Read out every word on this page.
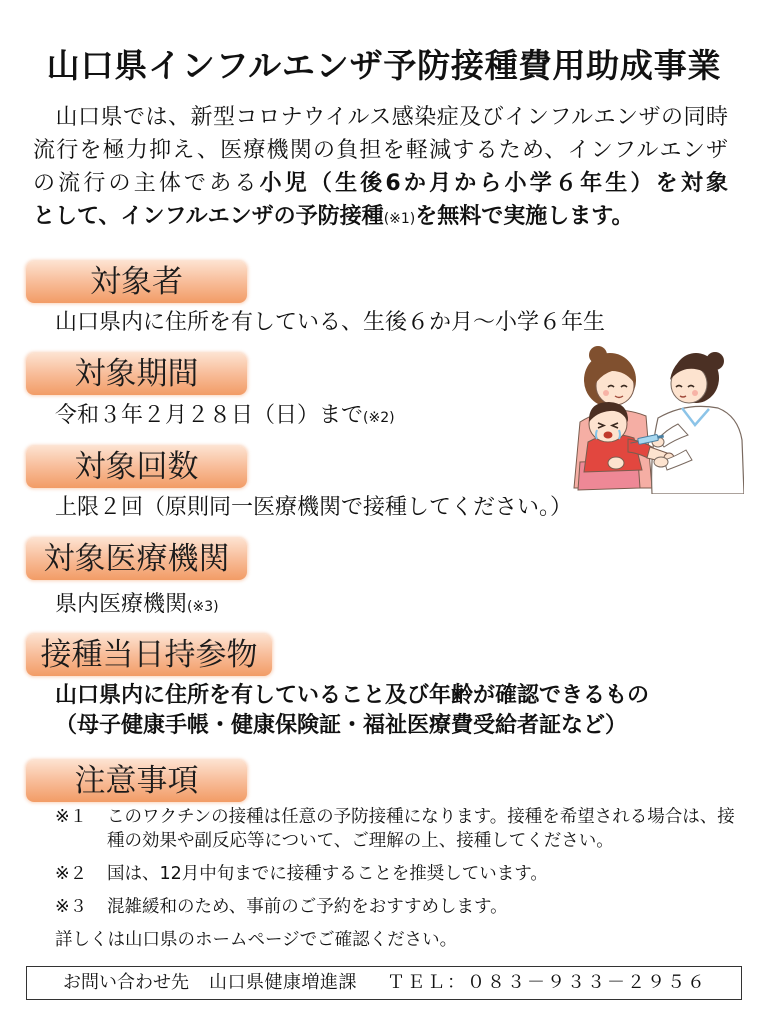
山口県インフルエンザ予防接種費用助成事業
　山口県では、新型コロナウイルス感染症及びインフルエンザの同時
流行を極力抑え、医療機関の負担を軽減するため、インフルエンザ
の流行の主体である小児（生後6か月から小学６年生）を対象
として、インフルエンザの予防接種(※1)を無料で実施します。
対象者
山口県内に住所を有している、生後６か月～小学６年生
対象期間
令和３年２月２８日（日）まで(※2)
対象回数
上限２回（原則同一医療機関で接種してください。）
対象医療機関
県内医療機関(※3)
接種当日持参物
山口県内に住所を有していること及び年齢が確認できるもの
（母子健康手帳・健康保険証・福祉医療費受給者証など）
注意事項
※１ このワクチンの接種は任意の予防接種になります。接種を希望される場合は、接
種の効果や副反応等について、ご理解の上、接種してください。
※２ 国は、12月中旬までに接種することを推奨しています。
※３ 混雑緩和のため、事前のご予約をおすすめします。
詳しくは山口県のホームページでご確認ください。
お問い合わせ先 山口県健康増進課 ＴＥＬ：０８３－９３３－２９５６
